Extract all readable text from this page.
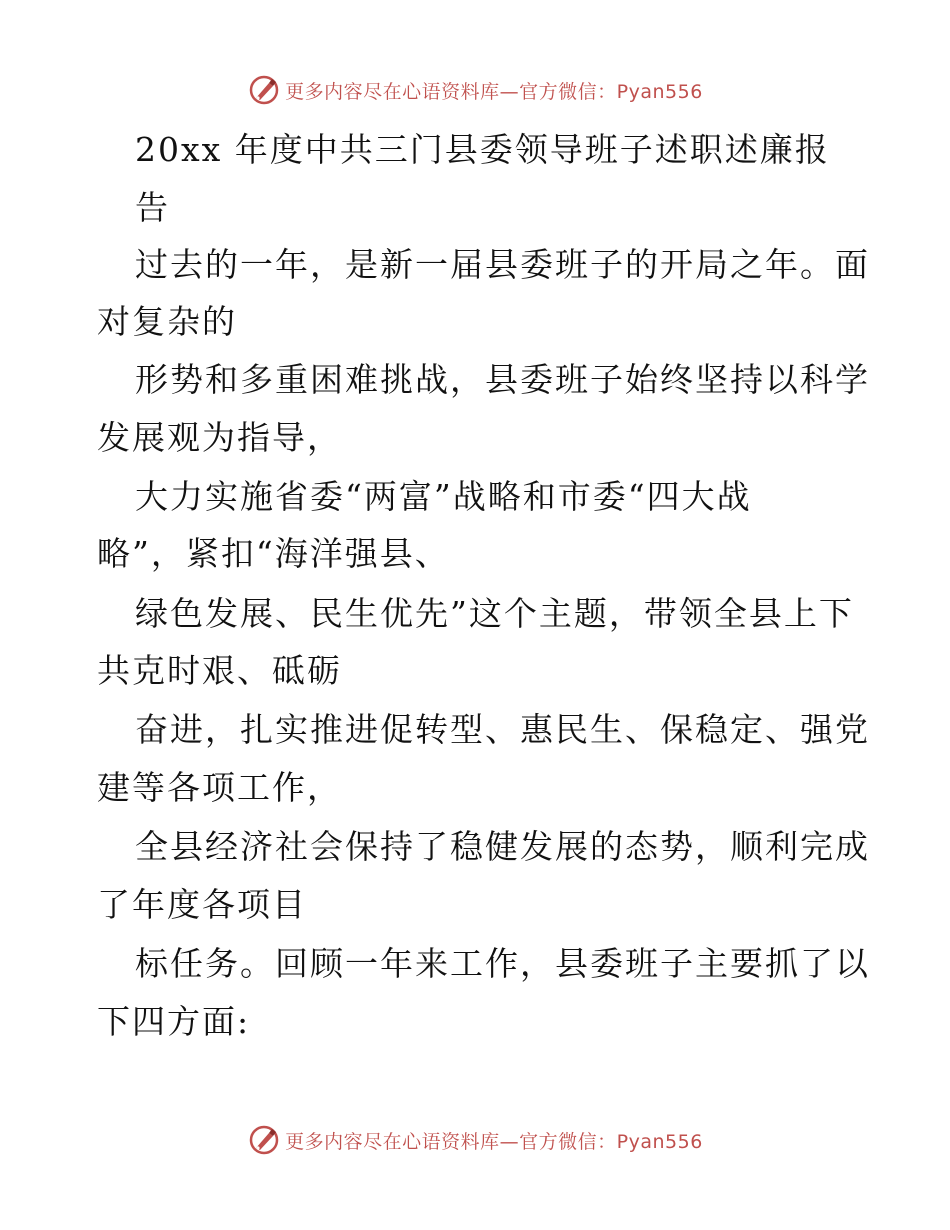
更多内容尽在心语资料库—官方微信：Pyan556
20xx 年度中共三门县委领导班子述职述廉报
告
过去的一年，是新一届县委班子的开局之年。面
对复杂的
形势和多重困难挑战，县委班子始终坚持以科学
发展观为指导，
大力实施省委“两富”战略和市委“四大战
略”，紧扣“海洋强县、
绿色发展、民生优先”这个主题，带领全县上下
共克时艰、砥砺
奋进，扎实推进促转型、惠民生、保稳定、强党
建等各项工作，
全县经济社会保持了稳健发展的态势，顺利完成
了年度各项目
标任务。回顾一年来工作，县委班子主要抓了以
下四方面:
更多内容尽在心语资料库—官方微信：Pyan556
